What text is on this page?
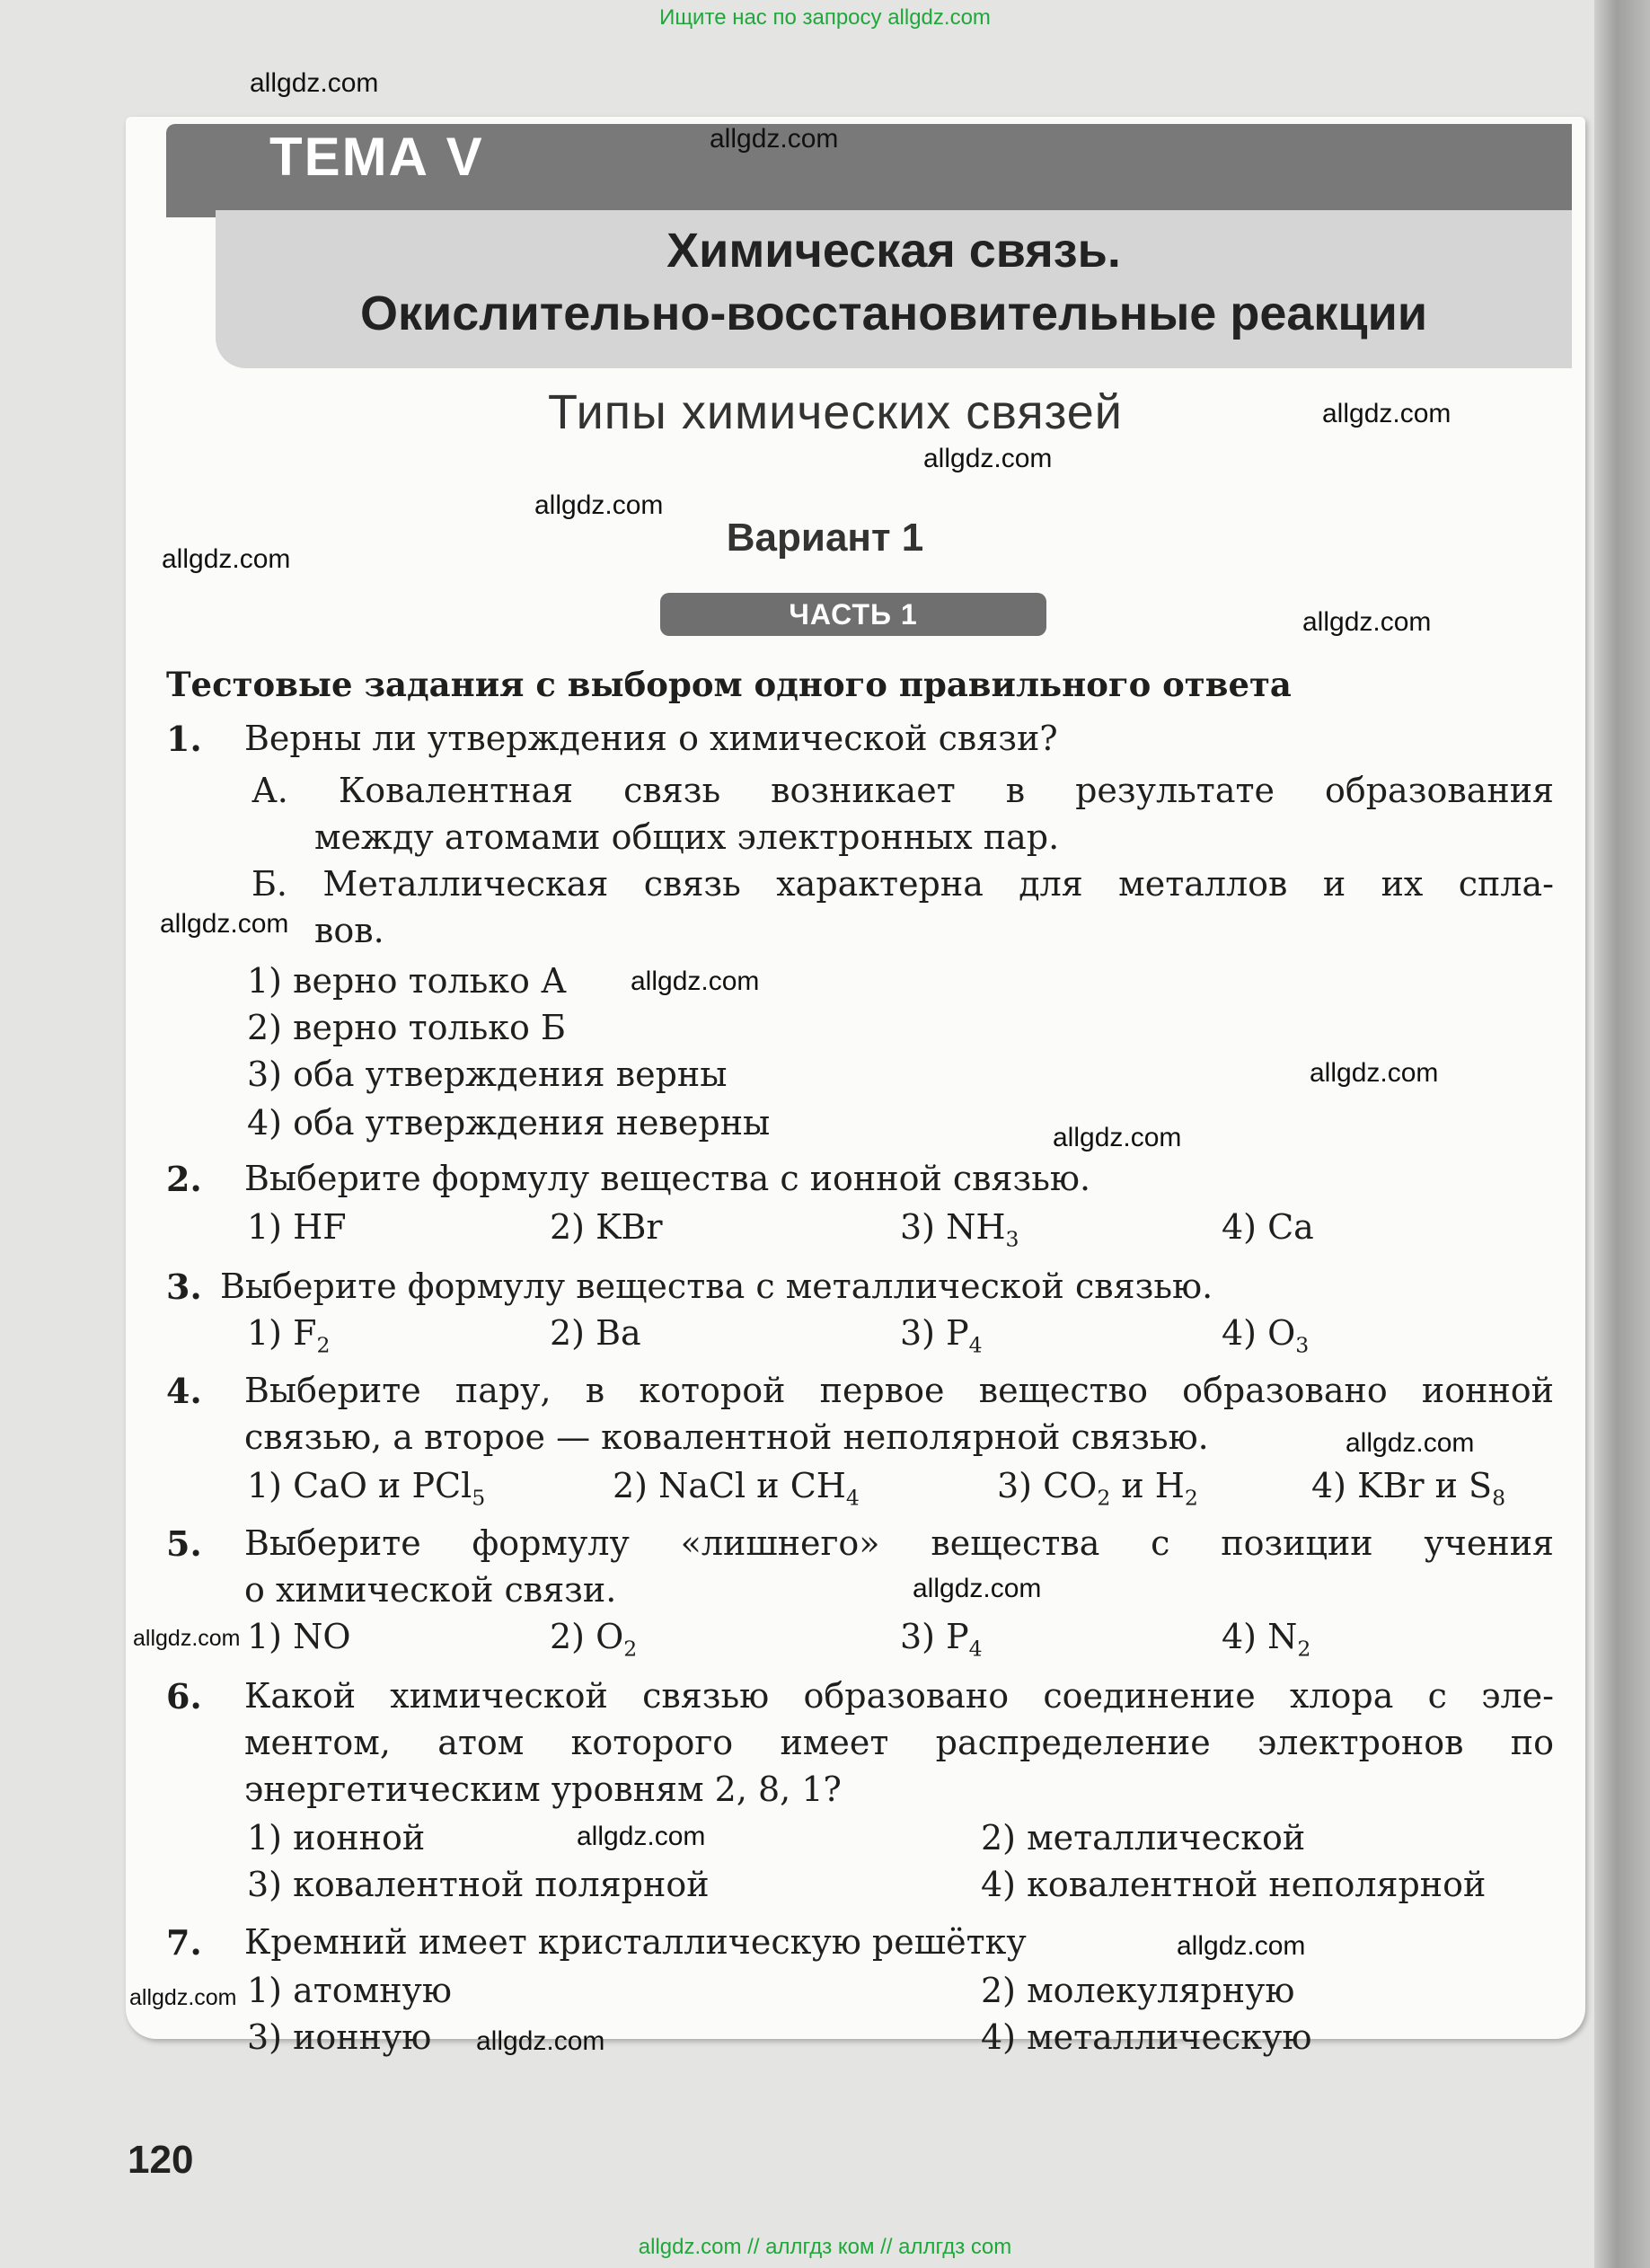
Ищите нас по запросу allgdz.com
ТЕМА V
Химическая связь.
Окислительно-восстановительные реакции
Типы химических связей
Вариант 1
ЧАСТЬ 1
Тестовые задания с выбором одного правильного ответа
1. Верны ли утверждения о химической связи?
А. Ковалентная связь возникает в результате образования
между атомами общих электронных пар.
Б. Металлическая связь характерна для металлов и их спла-
вов.
1) верно только А
2) верно только Б
3) оба утверждения верны
4) оба утверждения неверны
2. Выберите формулу вещества с ионной связью.
1) HF	2) KBr	3) $NH_3$	4) Ca
3. Выберите формулу вещества с металлической связью.
1) $F_2$	2) Ba	3) $P_4$	4) $O_3$
4. Выберите пару, в которой первое вещество образовано ионной
связью, а второе — ковалентной неполярной связью.
1) CaO и PCl$_5$	2) NaCl и $CH_4$	3) $CO_2$ и $H_2$	4) KBr и $S_8$
5. Выберите формулу «лишнего» вещества с позиции учения
о химической связи.
1) NO	2) $O_2$	3) $P_4$	4) $N_2$
6. Какой химической связью образовано соединение хлора с эле-
ментом, атом которого имеет распределение электронов по
энергетическим уровням 2, 8, 1?
1) ионной	2) металлической
3) ковалентной полярной	4) ковалентной неполярной
7. Кремний имеет кристаллическую решётку
1) атомную	2) молекулярную
3) ионную	4) металлическую
120
allgdz.com
allgdz.com
allgdz.com
allgdz.com
allgdz.com
allgdz.com
allgdz.com
allgdz.com
allgdz.com
allgdz.com
allgdz.com
allgdz.com
allgdz.com
allgdz.com
allgdz.com
allgdz.com
allgdz.com
allgdz.com
allgdz.com // аллгдз ком // аллгдз com
